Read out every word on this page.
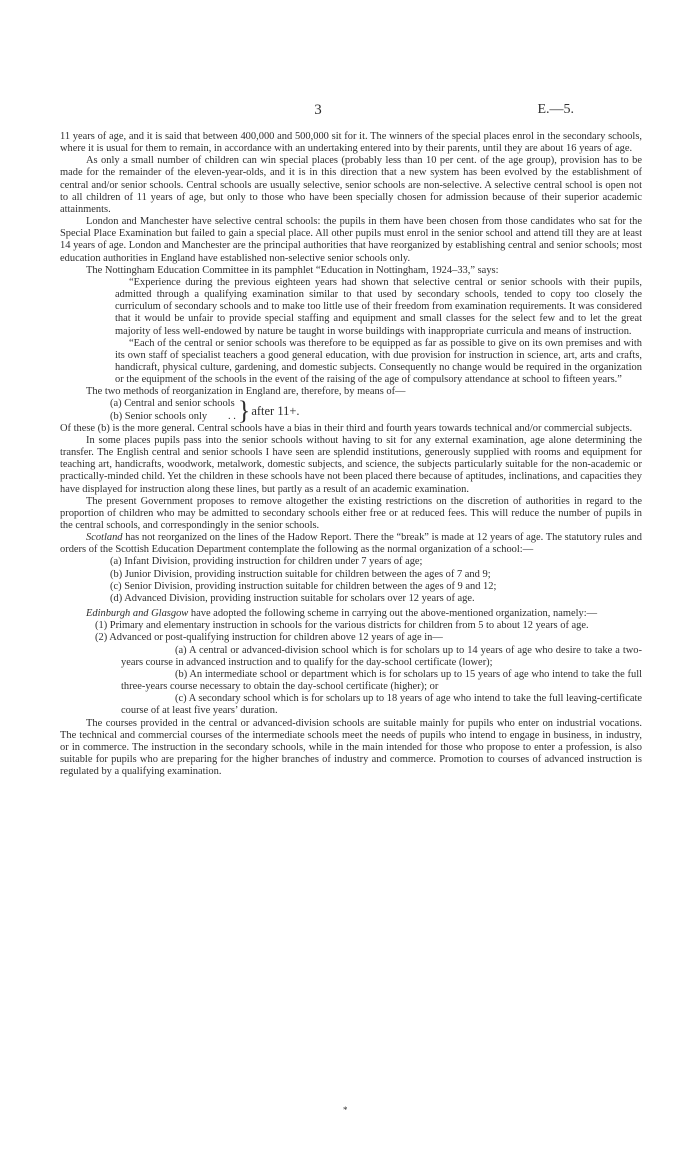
3	E.—5.

11 years of age, and it is said that between 400,000 and 500,000 sit for it. The winners of the special places enrol in the secondary schools, where it is usual for them to remain, in accordance with an undertaking entered into by their parents, until they are about 16 years of age.

As only a small number of children can win special places (probably less than 10 per cent. of the age group), provision has to be made for the remainder of the eleven-year-olds, and it is in this direction that a new system has been evolved by the establishment of central and/or senior schools. Central schools are usually selective, senior schools are non-selective. A selective central school is open not to all children of 11 years of age, but only to those who have been specially chosen for admission because of their superior academic attainments.

London and Manchester have selective central schools: the pupils in them have been chosen from those candidates who sat for the Special Place Examination but failed to gain a special place. All other pupils must enrol in the senior school and attend till they are at least 14 years of age. London and Manchester are the principal authorities that have reorganized by establishing central and senior schools; most education authorities in England have established non-selective senior schools only.

The Nottingham Education Committee in its pamphlet “Education in Nottingham, 1924–33,” says:

“Experience during the previous eighteen years had shown that selective central or senior schools with their pupils, admitted through a qualifying examination similar to that used by secondary schools, tended to copy too closely the curriculum of secondary schools and to make too little use of their freedom from examination requirements. It was considered that it would be unfair to provide special staffing and equipment and small classes for the select few and to let the great majority of less well-endowed by nature be taught in worse buildings with inappropriate curricula and means of instruction.

“Each of the central or senior schools was therefore to be equipped as far as possible to give on its own premises and with its own staff of specialist teachers a good general education, with due provision for instruction in science, art, arts and crafts, handicraft, physical culture, gardening, and domestic subjects. Consequently no change would be required in the organization or the equipment of the schools in the event of the raising of the age of compulsory attendance at school to fifteen years.”

The two methods of reorganization in England are, therefore, by means of—

(a) Central and senior schools
(b) Senior schools only  . . } after 11+.

Of these (b) is the more general. Central schools have a bias in their third and fourth years towards technical and/or commercial subjects.

In some places pupils pass into the senior schools without having to sit for any external examination, age alone determining the transfer. The English central and senior schools I have seen are splendid institutions, generously supplied with rooms and equipment for teaching art, handicrafts, woodwork, metalwork, domestic subjects, and science, the subjects particularly suitable for the non-academic or practically-minded child. Yet the children in these schools have not been placed there because of aptitudes, inclinations, and capacities they have displayed for instruction along these lines, but partly as a result of an academic examination.

The present Government proposes to remove altogether the existing restrictions on the discretion of authorities in regard to the proportion of children who may be admitted to secondary schools either free or at reduced fees. This will reduce the number of pupils in the central schools, and correspondingly in the senior schools.

Scotland has not reorganized on the lines of the Hadow Report. There the “break” is made at 12 years of age. The statutory rules and orders of the Scottish Education Department contemplate the following as the normal organization of a school:—

(a) Infant Division, providing instruction for children under 7 years of age;
(b) Junior Division, providing instruction suitable for children between the ages of 7 and 9;
(c) Senior Division, providing instruction suitable for children between the ages of 9 and 12;
(d) Advanced Division, providing instruction suitable for scholars over 12 years of age.

Edinburgh and Glasgow have adopted the following scheme in carrying out the above-mentioned organization, namely:—

(1) Primary and elementary instruction in schools for the various districts for children from 5 to about 12 years of age.

(2) Advanced or post-qualifying instruction for children above 12 years of age in—

(a) A central or advanced-division school which is for scholars up to 14 years of age who desire to take a two-years course in advanced instruction and to qualify for the day-school certificate (lower);

(b) An intermediate school or department which is for scholars up to 15 years of age who intend to take the full three-years course necessary to obtain the day-school certificate (higher); or

(c) A secondary school which is for scholars up to 18 years of age who intend to take the full leaving-certificate course of at least five years’ duration.

The courses provided in the central or advanced-division schools are suitable mainly for pupils who enter on industrial vocations. The technical and commercial courses of the intermediate schools meet the needs of pupils who intend to engage in business, in industry, or in commerce. The instruction in the secondary schools, while in the main intended for those who propose to enter a profession, is also suitable for pupils who are preparing for the higher branches of industry and commerce. Promotion to courses of advanced instruction is regulated by a qualifying examination.

*
